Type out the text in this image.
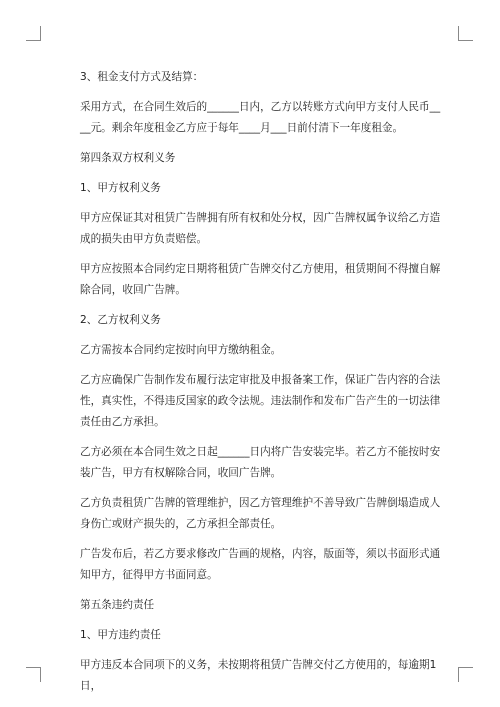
3、租金支付方式及结算：

采用方式，在合同生效后的______日内，乙方以转账方式向甲方支付人民币____元。剩余年度租金乙方应于每年____月___日前付清下一年度租金。

第四条双方权利义务

1、甲方权利义务

甲方应保证其对租赁广告牌拥有所有权和处分权，因广告牌权属争议给乙方造成的损失由甲方负责赔偿。

甲方应按照本合同约定日期将租赁广告牌交付乙方使用，租赁期间不得擅自解除合同，收回广告牌。

2、乙方权利义务

乙方需按本合同约定按时向甲方缴纳租金。

乙方应确保广告制作发布履行法定审批及申报备案工作，保证广告内容的合法性，真实性，不得违反国家的政令法规。违法制作和发布广告产生的一切法律责任由乙方承担。

乙方必须在本合同生效之日起______日内将广告安装完毕。若乙方不能按时安装广告，甲方有权解除合同，收回广告牌。

乙方负责租赁广告牌的管理维护，因乙方管理维护不善导致广告牌倒塌造成人身伤亡或财产损失的，乙方承担全部责任。

广告发布后，若乙方要求修改广告画的规格，内容，版面等，须以书面形式通知甲方，征得甲方书面同意。

第五条违约责任

1、甲方违约责任

甲方违反本合同项下的义务，未按期将租赁广告牌交付乙方使用的，每逾期1日，
